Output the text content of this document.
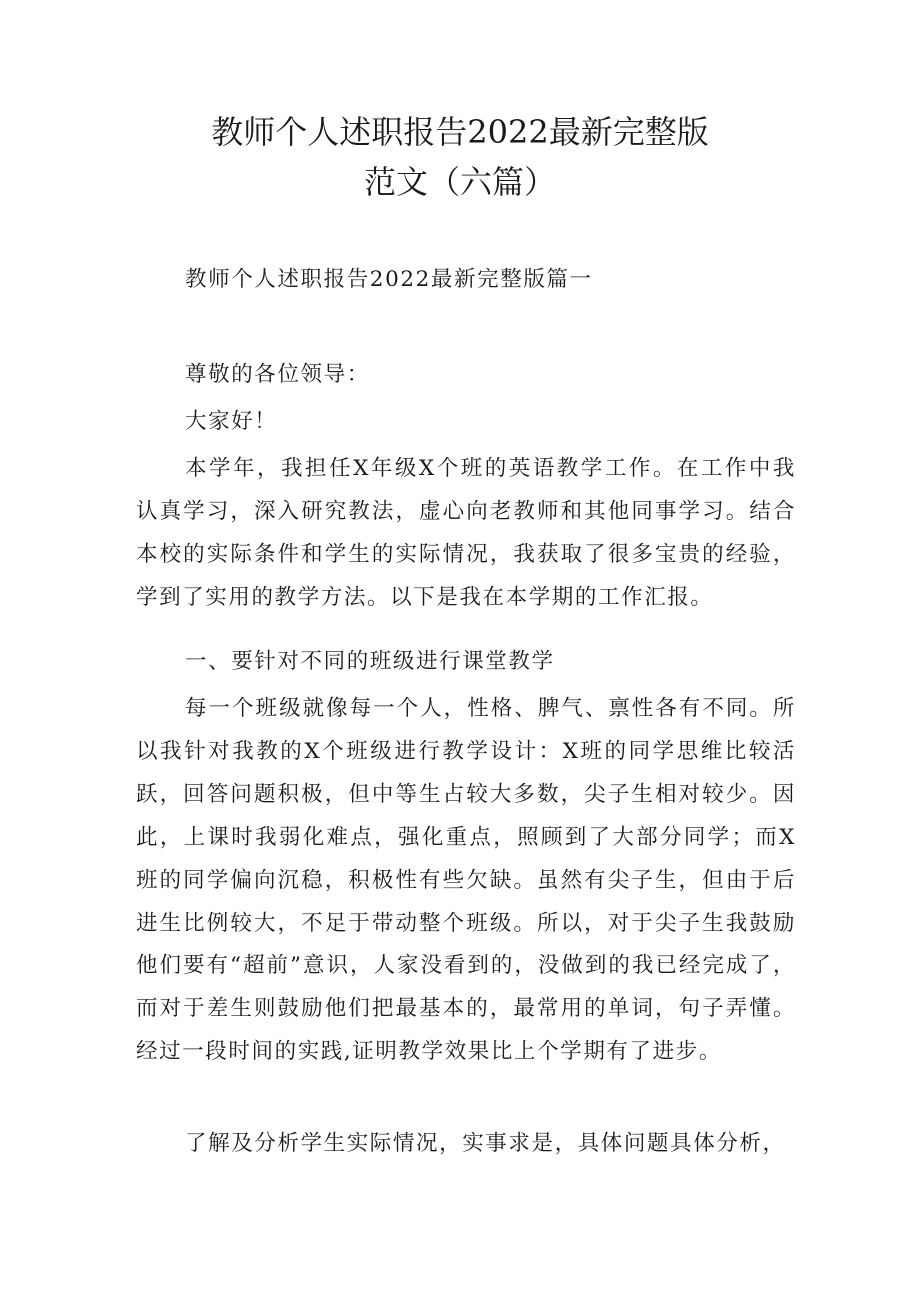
教师个人述职报告2022最新完整版
范文（六篇）
教师个人述职报告2022最新完整版篇一
尊敬的各位领导：
大家好！
本学年，我担任X年级X个班的英语教学工作。在工作中我认真学习，深入研究教法，虚心向老教师和其他同事学习。结合本校的实际条件和学生的实际情况，我获取了很多宝贵的经验，学到了实用的教学方法。以下是我在本学期的工作汇报。
一、要针对不同的班级进行课堂教学
每一个班级就像每一个人，性格、脾气、禀性各有不同。所以我针对我教的X个班级进行教学设计：X班的同学思维比较活跃，回答问题积极，但中等生占较大多数，尖子生相对较少。因此，上课时我弱化难点，强化重点，照顾到了大部分同学；而X班的同学偏向沉稳，积极性有些欠缺。虽然有尖子生，但由于后进生比例较大，不足于带动整个班级。所以，对于尖子生我鼓励他们要有“超前”意识，人家没看到的，没做到的我已经完成了，而对于差生则鼓励他们把最基本的，最常用的单词，句子弄懂。经过一段时间的实践,证明教学效果比上个学期有了进步。
了解及分析学生实际情况，实事求是，具体问题具体分析，
